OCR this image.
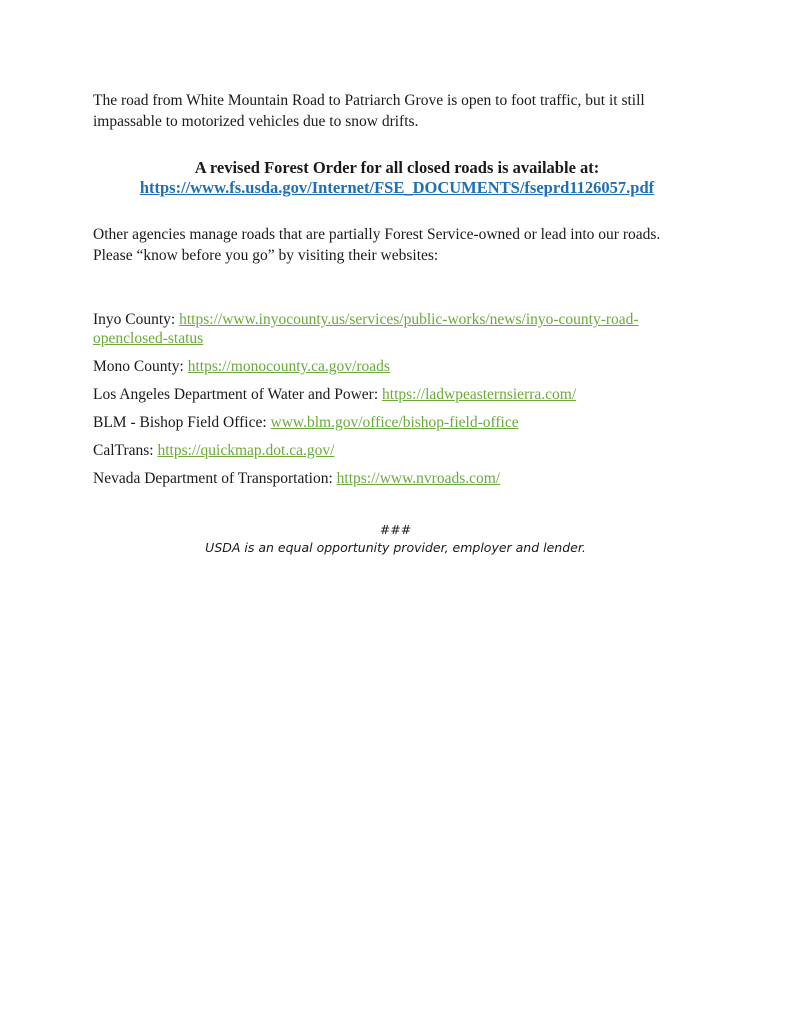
The road from White Mountain Road to Patriarch Grove is open to foot traffic, but it still impassable to motorized vehicles due to snow drifts.

A revised Forest Order for all closed roads is available at:
https://www.fs.usda.gov/Internet/FSE_DOCUMENTS/fseprd1126057.pdf

Other agencies manage roads that are partially Forest Service-owned or lead into our roads. Please “know before you go” by visiting their websites:

Inyo County: https://www.inyocounty.us/services/public-works/news/inyo-county-road-openclosed-status
Mono County: https://monocounty.ca.gov/roads
Los Angeles Department of Water and Power: https://ladwpeasternsierra.com/
BLM - Bishop Field Office: www.blm.gov/office/bishop-field-office
CalTrans: https://quickmap.dot.ca.gov/
Nevada Department of Transportation: https://www.nvroads.com/
###
USDA is an equal opportunity provider, employer and lender.
